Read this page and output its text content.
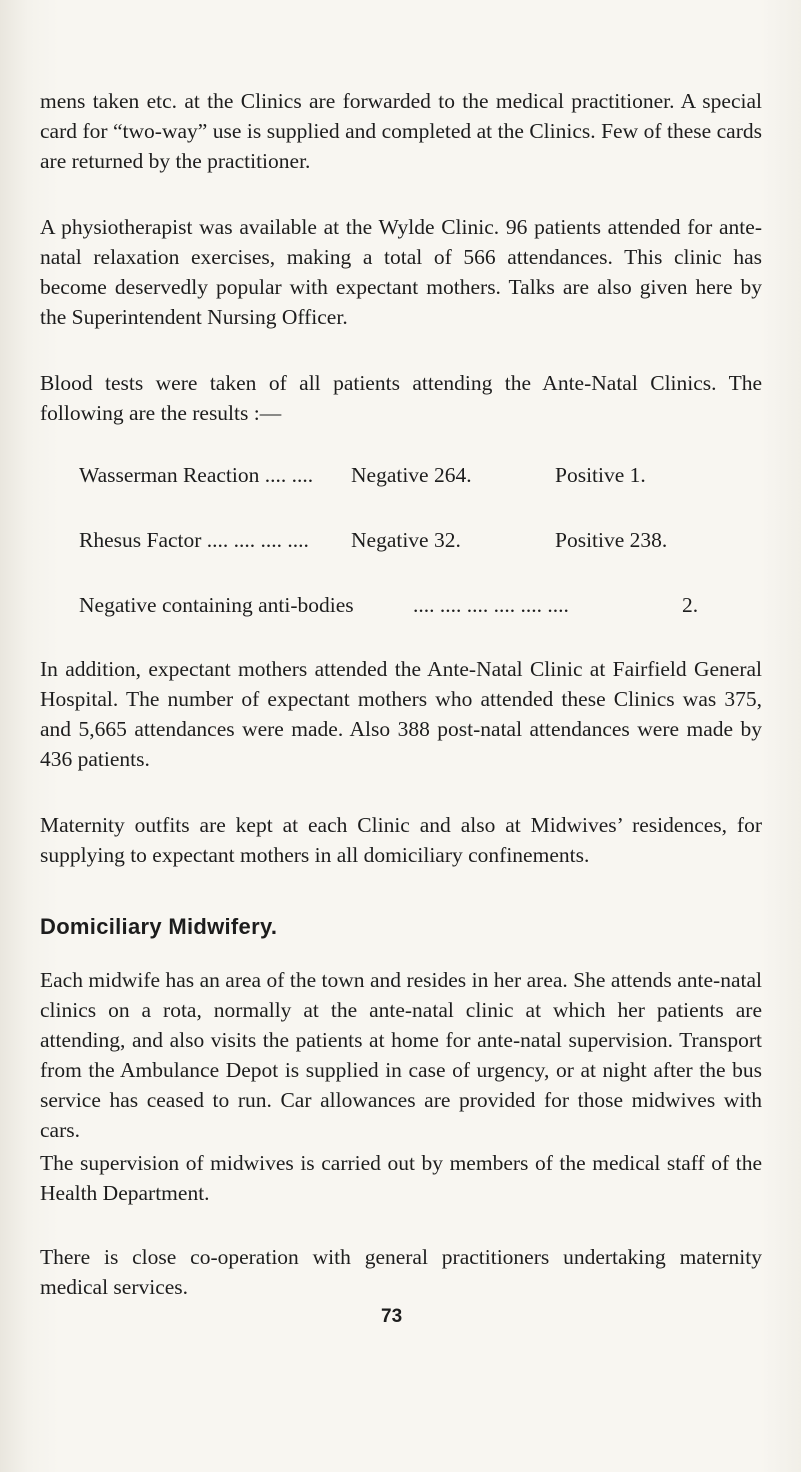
mens taken etc. at the Clinics are forwarded to the medical practitioner. A special card for “two-way” use is supplied and completed at the Clinics. Few of these cards are returned by the practitioner.

A physiotherapist was available at the Wylde Clinic. 96 patients attended for ante-natal relaxation exercises, making a total of 566 attendances. This clinic has become deservedly popular with expectant mothers. Talks are also given here by the Superintendent Nursing Officer.

Blood tests were taken of all patients attending the Ante-Natal Clinics. The following are the results :—

Wasserman Reaction .... .... Negative 264.	Positive 1.
Rhesus Factor .... .... .... .... Negative 32.	Positive 238.
Negative containing anti-bodies	.... .... .... .... .... ....	2.

In addition, expectant mothers attended the Ante-Natal Clinic at Fairfield General Hospital. The number of expectant mothers who attended these Clinics was 375, and 5,665 attendances were made. Also 388 post-natal attendances were made by 436 patients.

Maternity outfits are kept at each Clinic and also at Midwives’ residences, for supplying to expectant mothers in all domiciliary confinements.

Domiciliary Midwifery.

Each midwife has an area of the town and resides in her area. She attends ante-natal clinics on a rota, normally at the ante-natal clinic at which her patients are attending, and also visits the patients at home for ante-natal supervision. Transport from the Ambulance Depot is supplied in case of urgency, or at night after the bus service has ceased to run. Car allowances are provided for those midwives with cars.

The supervision of midwives is carried out by members of the medical staff of the Health Department.

There is close co-operation with general practitioners undertaking maternity medical services.

73
